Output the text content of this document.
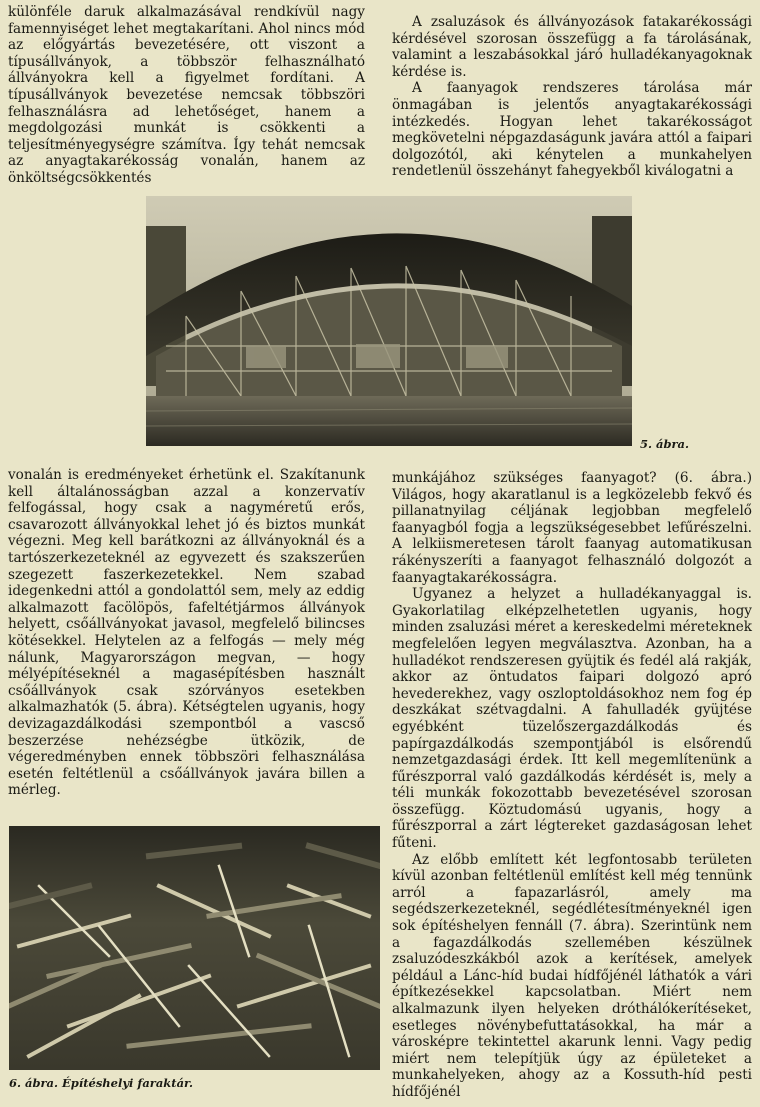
különféle daruk alkalmazásával rendkívül nagy famennyiséget lehet megtakarítani. Ahol nincs mód az előgyártás bevezetésére, ott viszont a típusállványok, a többször felhasználható állványokra kell a figyelmet fordítani. A típusállványok bevezetése nemcsak többszöri felhasználásra ad lehetőséget, hanem a megdolgozási munkát is csökkenti a teljesítményegységre számítva. Így tehát nemcsak az anyagtakarékosság vonalán, hanem az önköltségcsökkentés

A zsaluzások és állványozások fatakarékossági kérdésével szorosan összefügg a fa tárolásának, valamint a leszabásokkal járó hulladékanyagoknak kérdése is.

A faanyagok rendszeres tárolása már önmagában is jelentős anyagtakarékossági intézkedés. Hogyan lehet takarékosságot megkövetelni népgazdaságunk javára attól a faipari dolgozótól, aki kénytelen a munkahelyen rendetlenül összehányt fahegyekből kiválogatni a

5. ábra.

vonalán is eredményeket érhetünk el. Szakítanunk kell általánosságban azzal a konzervatív felfogással, hogy csak a nagyméretű erős, csavarozott állványokkal lehet jó és biztos munkát végezni. Meg kell barátkozni az állványoknál és a tartószerkezeteknél az egyvezett és szakszerűen szegezett faszerkezetekkel. Nem szabad idegenkedni attól a gondolattól sem, mely az eddig alkalmazott facölöpös, fafeltétjármos állványok helyett, csőállványokat javasol, megfelelő bilincses kötésekkel. Helytelen az a felfogás — mely még nálunk, Magyarországon megvan, — hogy mélyépítéseknél a magasépítésben használt csőállványok csak szórványos esetekben alkalmazhatók (5. ábra). Kétségtelen ugyanis, hogy devizagazdálkodási szempontból a vascső beszerzése nehézségbe ütközik, de végeredményben ennek többszöri felhasználása esetén feltétlenül a csőállványok javára billen a mérleg.

munkájához szükséges faanyagot? (6. ábra.) Világos, hogy akaratlanul is a legközelebb fekvő és pillanatnyilag céljának legjobban megfelelő faanyagból fogja a legszükségesebbet lefűrészelni. A lelkiismeretesen tárolt faanyag automatikusan rákényszeríti a faanyagot felhasználó dolgozót a faanyagtakarékosságra.

Ugyanez a helyzet a hulladékanyaggal is. Gyakorlatilag elképzelhetetlen ugyanis, hogy minden zsaluzási méret a kereskedelmi méreteknek megfelelően legyen megválasztva. Azonban, ha a hulladékot rendszeresen gyüjtik és fedél alá rakják, akkor az öntudatos faipari dolgozó apró hevederekhez, vagy oszloptoldásokhoz nem fog ép deszkákat szétvagdalni. A fahulladék gyüjtése egyébként tüzelőszergazdálkodás és papírgazdálkodás szempontjából is elsőrendű nemzetgazdasági érdek. Itt kell megemlítenünk a fűrészporral való gazdálkodás kérdését is, mely a téli munkák fokozottabb bevezetésével szorosan összefügg. Köztudomású ugyanis, hogy a fűrészporral a zárt légtereket gazdaságosan lehet fűteni.

Az előbb említett két legfontosabb területen kívül azonban feltétlenül említést kell még tennünk arról a fapazarlásról, amely ma segédszerkezeteknél, segédlétesítményeknél igen sok építéshelyen fennáll (7. ábra). Szerintünk nem a fagazdálkodás szellemében készülnek zsaluzódeszkákból azok a kerítések, amelyek például a Lánc-híd budai hídfőjénél láthatók a vári építkezésekkel kapcsolatban. Miért nem alkalmazunk ilyen helyeken dróthálókerítéseket, esetleges növénybefuttatásokkal, ha már a városképre tekintettel akarunk lenni. Vagy pedig miért nem telepítjük úgy az épületeket a munkahelyeken, ahogy az a Kossuth-híd pesti hídfőjénél

6. ábra. Építéshelyi faraktár.
